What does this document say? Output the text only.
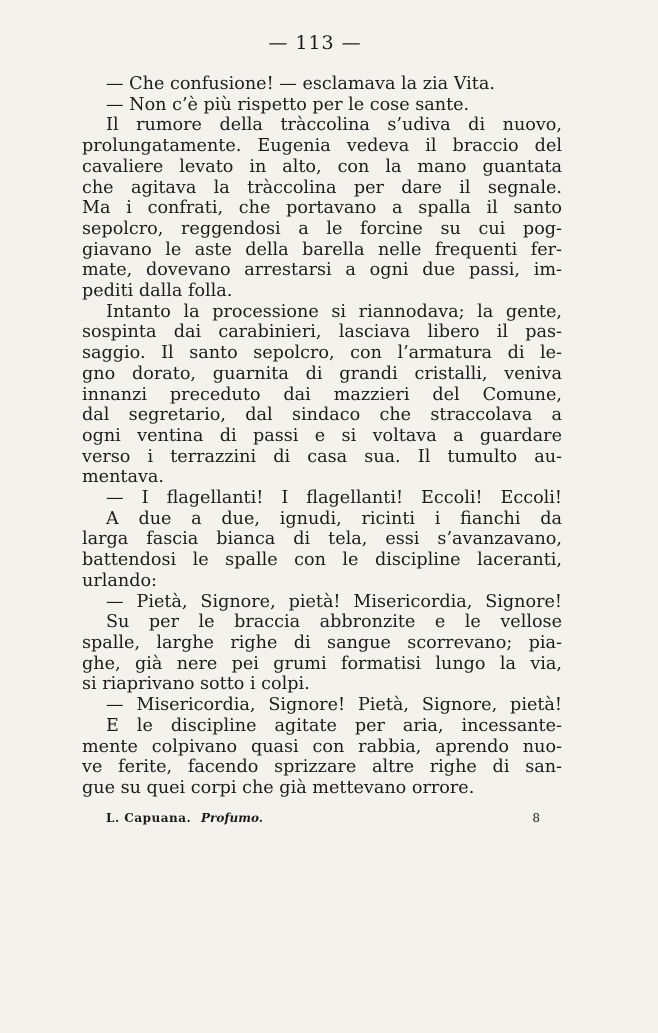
— 113 —
— Che confusione! — esclamava la zia Vita.
— Non c’è più rispetto per le cose sante.
Il rumore della tràccolina s’udiva di nuovo,
prolungatamente. Eugenia vedeva il braccio del
cavaliere levato in alto, con la mano guantata
che agitava la tràccolina per dare il segnale.
Ma i confrati, che portavano a spalla il santo
sepolcro, reggendosi a le forcine su cui pog-
giavano le aste della barella nelle frequenti fer-
mate, dovevano arrestarsi a ogni due passi, im-
pediti dalla folla.
Intanto la processione si riannodava; la gente,
sospinta dai carabinieri, lasciava libero il pas-
saggio. Il santo sepolcro, con l’armatura di le-
gno dorato, guarnita di grandi cristalli, veniva
innanzi preceduto dai mazzieri del Comune,
dal segretario, dal sindaco che straccolava a
ogni ventina di passi e si voltava a guardare
verso i terrazzini di casa sua. Il tumulto au-
mentava.
— I flagellanti! I flagellanti! Eccoli! Eccoli!
A due a due, ignudi, ricinti i fianchi da
larga fascia bianca di tela, essi s’avanzavano,
battendosi le spalle con le discipline laceranti,
urlando:
— Pietà, Signore, pietà! Misericordia, Signore!
Su per le braccia abbronzite e le vellose
spalle, larghe righe di sangue scorrevano; pia-
ghe, già nere pei grumi formatisi lungo la via,
si riaprivano sotto i colpi.
— Misericordia, Signore! Pietà, Signore, pietà!
E le discipline agitate per aria, incessante-
mente colpivano quasi con rabbia, aprendo nuo-
ve ferite, facendo sprizzare altre righe di san-
gue su quei corpi che già mettevano orrore.
L. Capuana. Profumo.	8
